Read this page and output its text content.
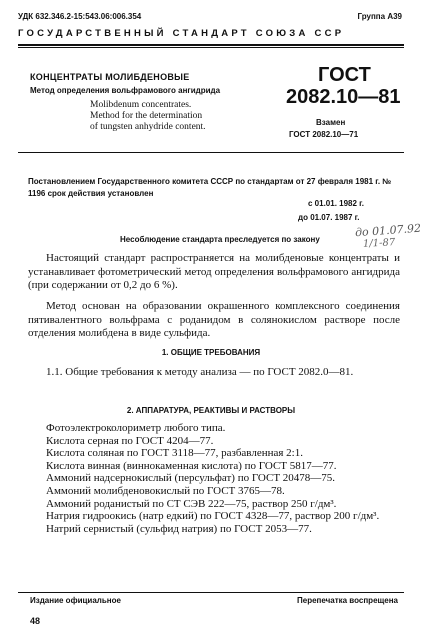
УДК 632.346.2-15:543.06:006.354	Группа А39
ГОСУДАРСТВЕННЫЙ СТАНДАРТ СОЮЗА ССР
КОНЦЕНТРАТЫ МОЛИБДЕНОВЫЕ
Метод определения вольфрамового ангидрида
Molibdenum concentrates.
Method for the determination
of tungsten anhydride content.
ГОСТ
2082.10—81
Взамен
ГОСТ 2082.10—71
Постановлением Государственного комитета СССР по стандартам от 27 февраля 1981 г. № 1196 срок действия установлен
с 01.01. 1982 г.
до 01.07. 1987 г.
Несоблюдение стандарта преследуется по закону
до 01.07.92
1/1-87
Настоящий стандарт распространяется на молибденовые концентраты и устанавливает фотометрический метод определения вольфрамового ангидрида (при содержании от 0,2 до 6 %).
Метод основан на образовании окрашенного комплексного соединения пятивалентного вольфрама с роданидом в солянокислом растворе после отделения молибдена в виде сульфида.
1. ОБЩИЕ ТРЕБОВАНИЯ
1.1. Общие требования к методу анализа — по ГОСТ 2082.0—81.
2. АППАРАТУРА, РЕАКТИВЫ И РАСТВОРЫ
Фотоэлектроколориметр любого типа.
Кислота серная по ГОСТ 4204—77.
Кислота соляная по ГОСТ 3118—77, разбавленная 2:1.
Кислота винная (виннокаменная кислота) по ГОСТ 5817—77.
Аммоний надсернокислый (персульфат) по ГОСТ 20478—75.
Аммоний молибденовокислый по ГОСТ 3765—78.
Аммоний роданистый по СТ СЭВ 222—75, раствор 250 г/дм³.
Натрия гидроокись (натр едкий) по ГОСТ 4328—77, раствор 200 г/дм³.
Натрий сернистый (сульфид натрия) по ГОСТ 2053—77.
Издание официальное	Перепечатка воспрещена
48
